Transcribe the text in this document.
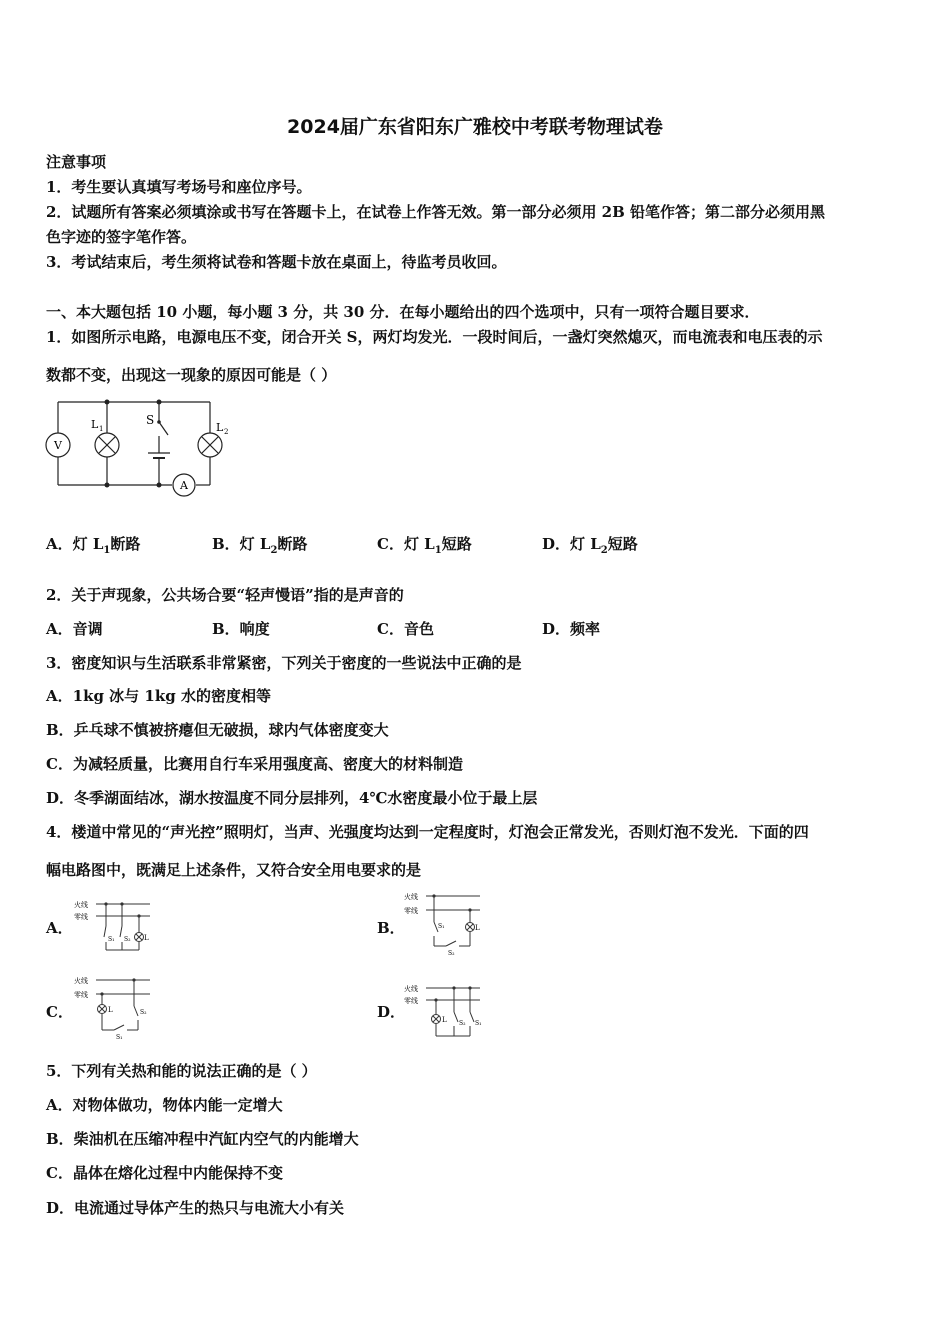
2024届广东省阳东广雅校中考联考物理试卷
注意事项
1．考生要认真填写考场号和座位序号。
2．试题所有答案必须填涂或书写在答题卡上，在试卷上作答无效。第一部分必须用 2B 铅笔作答；第二部分必须用黑
色字迹的签字笔作答。
3．考试结束后，考生须将试卷和答题卡放在桌面上，待监考员收回。
一、本大题包括 10 小题，每小题 3 分，共 30 分．在每小题给出的四个选项中，只有一项符合题目要求．
1．如图所示电路，电源电压不变，闭合开关 S，两灯均发光．一段时间后，一盏灯突然熄灭，而电流表和电压表的示
数都不变，出现这一现象的原因可能是（ ）
V
L 1
S
L 2
A
A．灯 $L_1$断路	B．灯 $L_2$断路	C．灯 $L_1$短路	D．灯 $L_2$短路
2．关于声现象，公共场合要“轻声慢语”指的是声音的
A．音调	B．响度	C．音色	D．频率
3．密度知识与生活联系非常紧密，下列关于密度的一些说法中正确的是
A．1kg 冰与 1kg 水的密度相等
B．乒乓球不慎被挤瘪但无破损，球内气体密度变大
C．为减轻质量，比赛用自行车采用强度高、密度大的材料制造
D．冬季湖面结冰，湖水按温度不同分层排列，4℃水密度最小位于最上层
4．楼道中常见的“声光控”照明灯，当声、光强度均达到一定程度时，灯泡会正常发光，否则灯泡不发光．下面的四
幅电路图中，既满足上述条件，又符合安全用电要求的是
A．
火线
零线
S₁ S₂ L
B．
火线
零线
S₁
S₂
L
C．
火线
零线
L	S₂
S₁
D．
火线
零线
L S₂ S₁
5．下列有关热和能的说法正确的是（ ）
A．对物体做功，物体内能一定增大
B．柴油机在压缩冲程中汽缸内空气的内能增大
C．晶体在熔化过程中内能保持不变
D．电流通过导体产生的热只与电流大小有关
